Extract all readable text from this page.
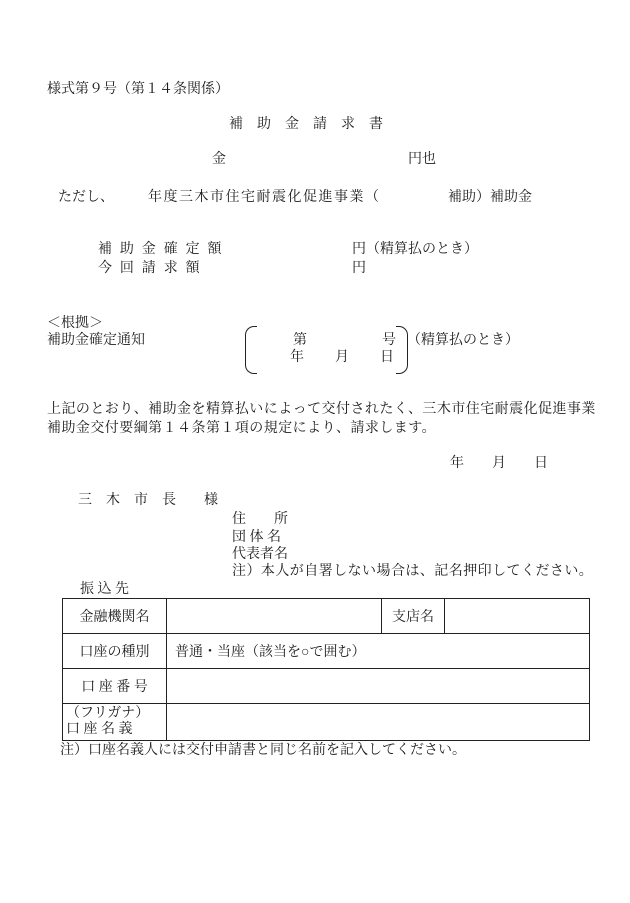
様式第９号（第１４条関係）
補　助　金　請　求　書
金	円也
ただし、 年度三木市住宅耐震化促進事業（	補助）補助金
補 助 金 確 定 額	円（精算払のとき）
今 回 請 求 額	円
＜根拠＞
補助金確定通知	第	号
年 月 日
（精算払のとき）
上記のとおり、補助金を精算払いによって交付されたく、三木市住宅耐震化促進事業
補助金交付要綱第１４条第１項の規定により、請求します。
年　　月　　日
三　木　市　長　　様
住　　所
団 体 名
代表者名
注）本人が自署しない場合は、記名押印してください。
振 込 先
金融機関名		支店名	
口座の種別	普通・当座（該当を○で囲む）		
口 座 番 号			

（フリガナ）
口 座 名 義			

注）口座名義人には交付申請書と同じ名前を記入してください。
